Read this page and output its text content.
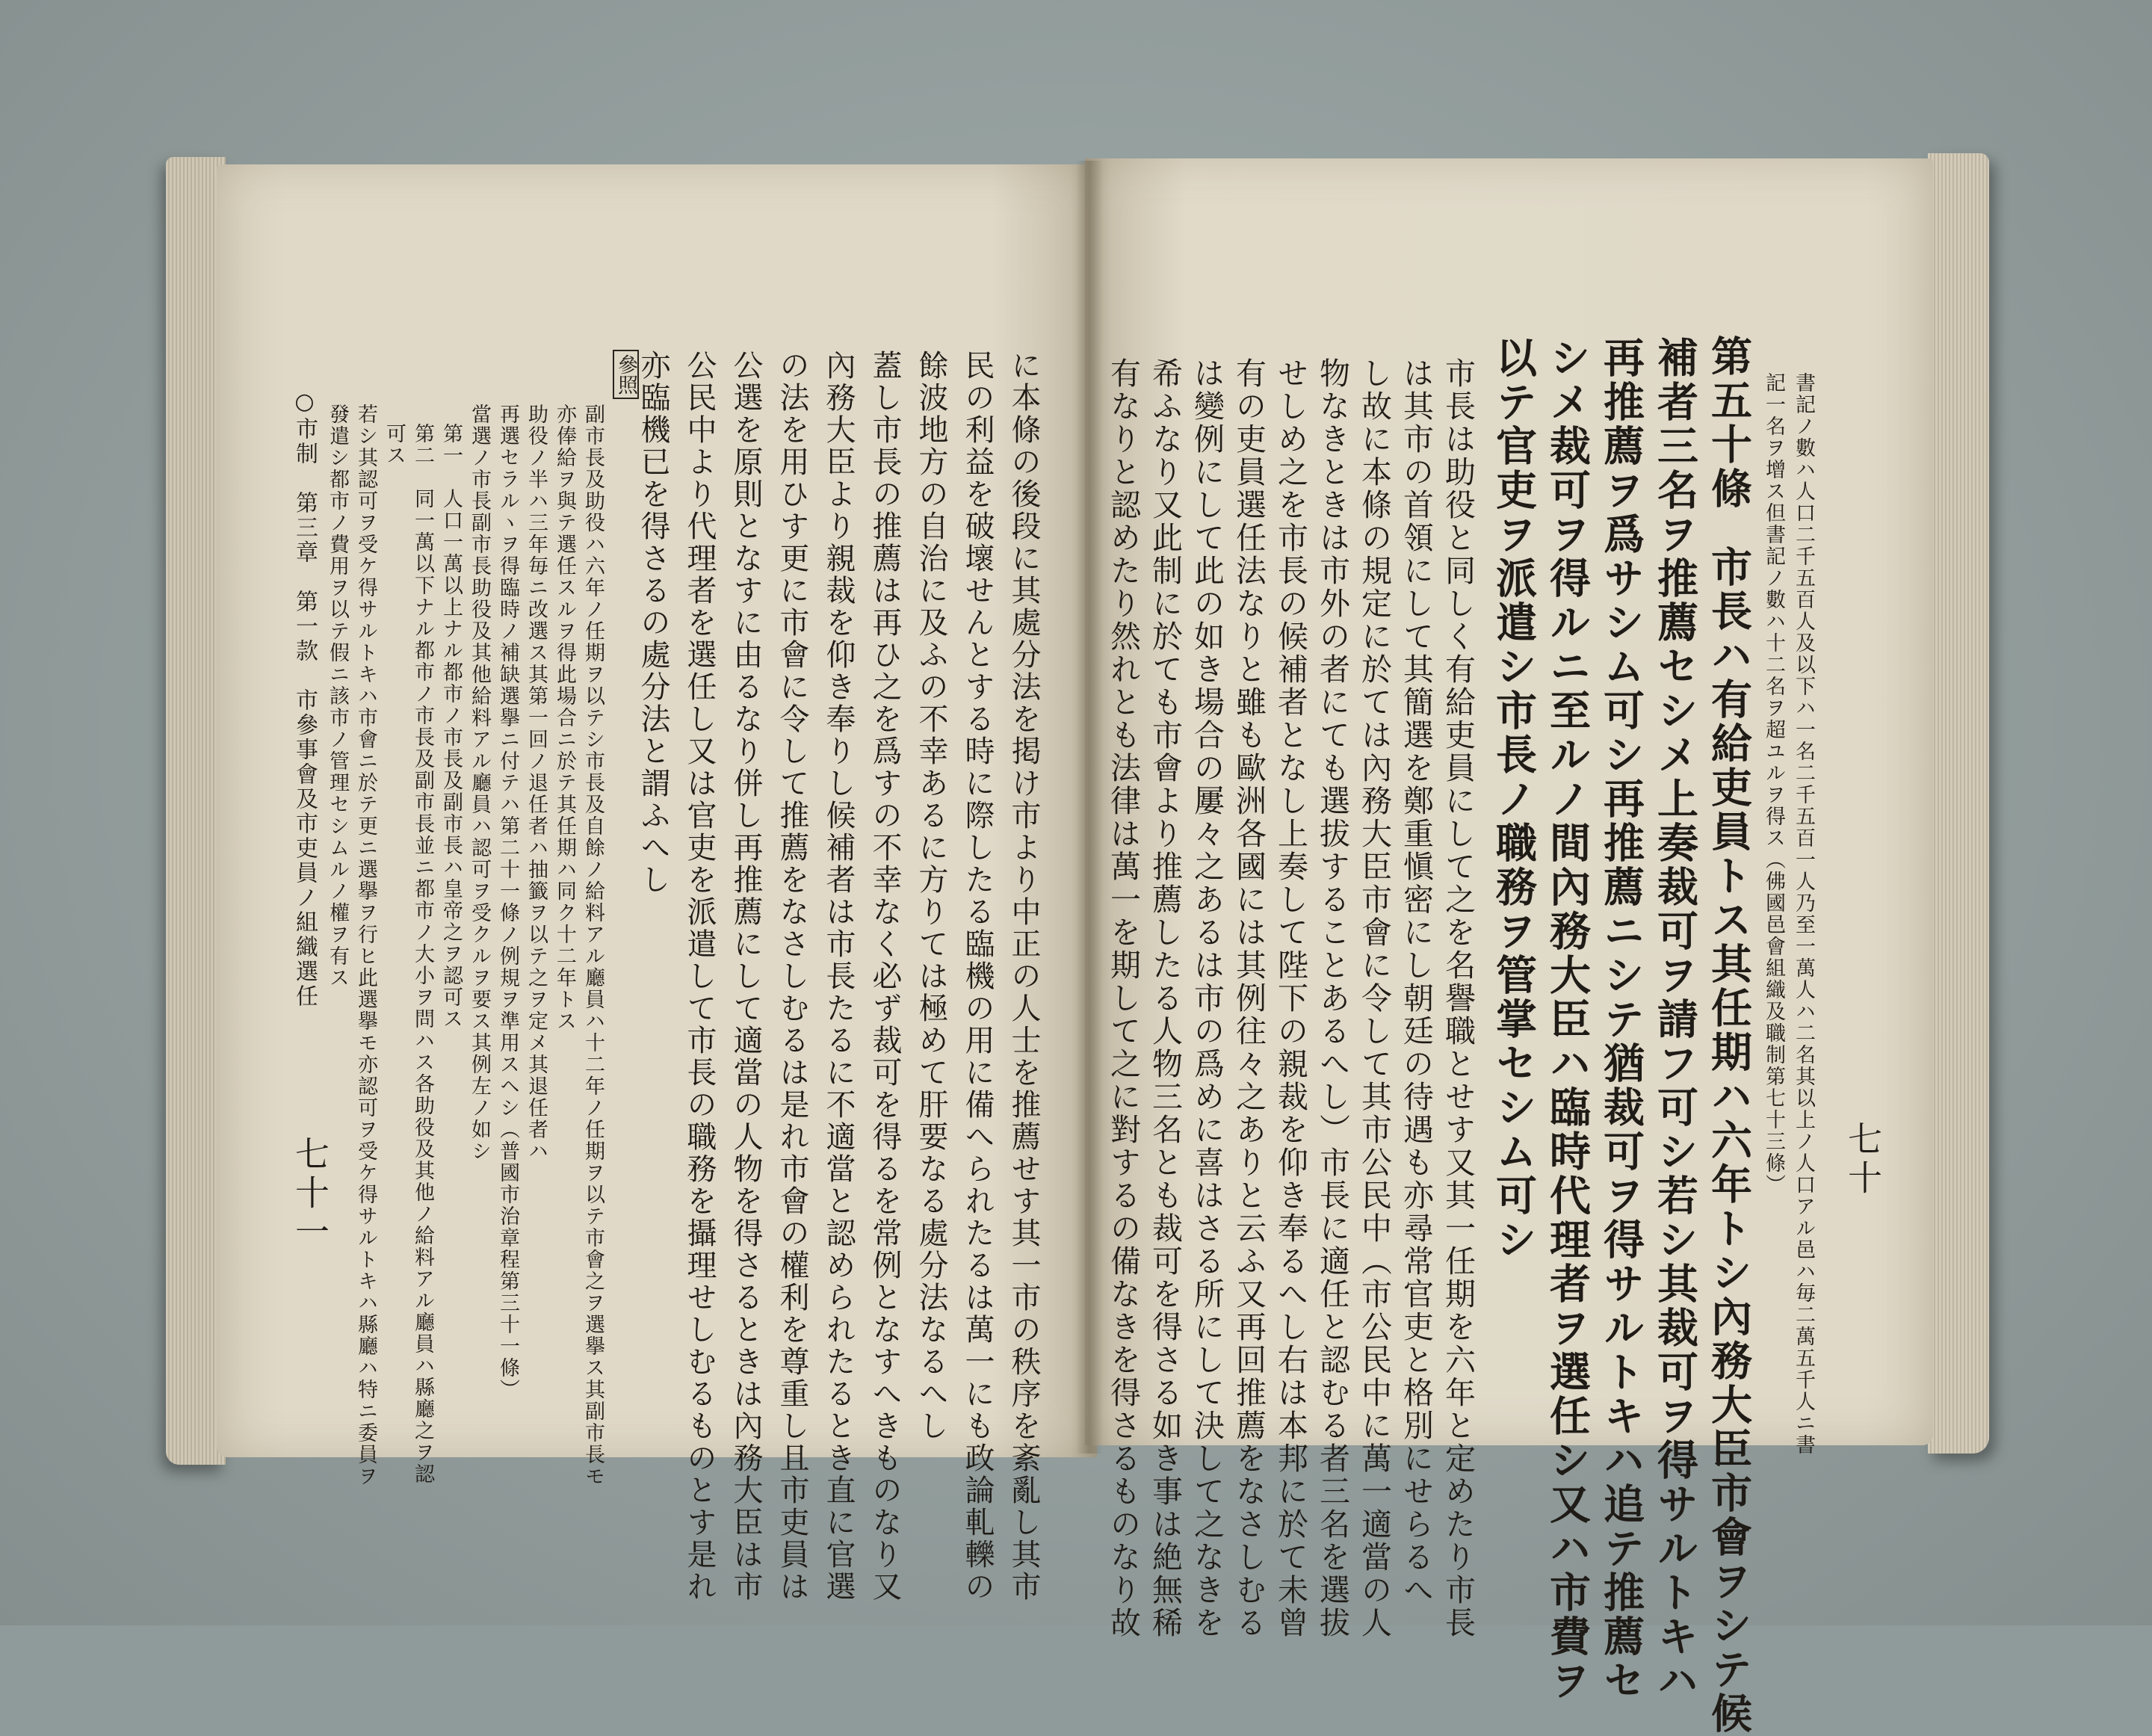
に本條の後段に其處分法を掲け市より中正の人士を推薦せす其一市の秩序を紊亂し其市
民の利益を破壞せんとする時に際したる臨機の用に備へられたるは萬一にも政論軋轢の
餘波地方の自治に及ふの不幸あるに方りては極めて肝要なる處分法なるへし
蓋し市長の推薦は再ひ之を爲すの不幸なく必ず裁可を得るを常例となすへきものなり又
內務大臣より親裁を仰き奉りし候補者は市長たるに不適當と認められたるとき直に官選
の法を用ひす更に市會に令して推薦をなさしむるは是れ市會の權利を尊重し且市吏員は
公選を原則となすに由るなり併し再推薦にして適當の人物を得さるときは內務大臣は市
公民中より代理者を選任し又は官吏を派遣して市長の職務を攝理せしむるものとす是れ
亦臨機已を得さるの處分法と謂ふへし
參照
副市長及助役ハ六年ノ任期ヲ以テシ市長及自餘ノ給料アル廳員ハ十二年ノ任期ヲ以テ市會之ヲ選擧ス其副市長モ
亦俸給ヲ與テ選任スルヲ得此場合ニ於テ其任期ハ同ク十二年トス
助役ノ半ハ三年毎ニ改選ス其第一回ノ退任者ハ抽籤ヲ以テ之ヲ定メ其退任者ハ
再選セラルヽヲ得臨時ノ補缺選擧ニ付テハ第二十一條ノ例規ヲ準用スヘシ（普國市治章程第三十一條）
當選ノ市長副市長助役及其他給料アル廳員ハ認可ヲ受クルヲ要ス其例左ノ如シ
第一　人口一萬以上ナル都市ノ市長及副市長ハ皇帝之ヲ認可ス
第二　同一萬以下ナル都市ノ市長及副市長並ニ都市ノ大小ヲ問ハス各助役及其他ノ給料アル廳員ハ縣廳之ヲ認
可ス
若シ其認可ヲ受ケ得サルトキハ市會ニ於テ更ニ選擧ヲ行ヒ此選擧モ亦認可ヲ受ケ得サルトキハ縣廳ハ特ニ委員ヲ
發遣シ都市ノ費用ヲ以テ假ニ該市ノ管理セシムルノ權ヲ有ス
○市制　第三章　第一款　市參事會及市吏員ノ組織選任
七十一	七十
書記ノ數ハ人口二千五百人及以下ハ一名二千五百一人乃至一萬人ハ二名其以上ノ人口アル邑ハ毎二萬五千人ニ書
記一名ヲ增ス但書記ノ數ハ十二名ヲ超ユルヲ得ス（佛國邑會組織及職制第七十三條）
第五十條
市長ハ有給吏員トス其任期ハ六年トシ內務大臣市會ヲシテ候
補者三名ヲ推薦セシメ上奏裁可ヲ請フ可シ若シ其裁可ヲ得サルトキハ
再推薦ヲ爲サシム可シ再推薦ニシテ猶裁可ヲ得サルトキハ追テ推薦セ
シメ裁可ヲ得ルニ至ルノ間內務大臣ハ臨時代理者ヲ選任シ又ハ市費ヲ
以テ官吏ヲ派遣シ市長ノ職務ヲ管掌セシム可シ
市長は助役と同しく有給吏員にして之を名譽職とせす又其一任期を六年と定めたり市長
は其市の首領にして其簡選を鄭重愼密にし朝廷の待遇も亦尋常官吏と格別にせらるへ
し故に本條の規定に於ては內務大臣市會に令して其市公民中（市公民中に萬一適當の人
物なきときは市外の者にても選拔することあるへし）市長に適任と認むる者三名を選拔
せしめ之を市長の候補者となし上奏して陛下の親裁を仰き奉るへし右は本邦に於て未曾
有の吏員選任法なりと雖も歐洲各國には其例往々之ありと云ふ又再回推薦をなさしむる
は變例にして此の如き場合の屢々之あるは市の爲めに喜はさる所にして決して之なきを
希ふなり又此制に於ても市會より推薦したる人物三名とも裁可を得さる如き事は絶無稀
有なりと認めたり然れとも法律は萬一を期して之に對するの備なきを得さるものなり故
